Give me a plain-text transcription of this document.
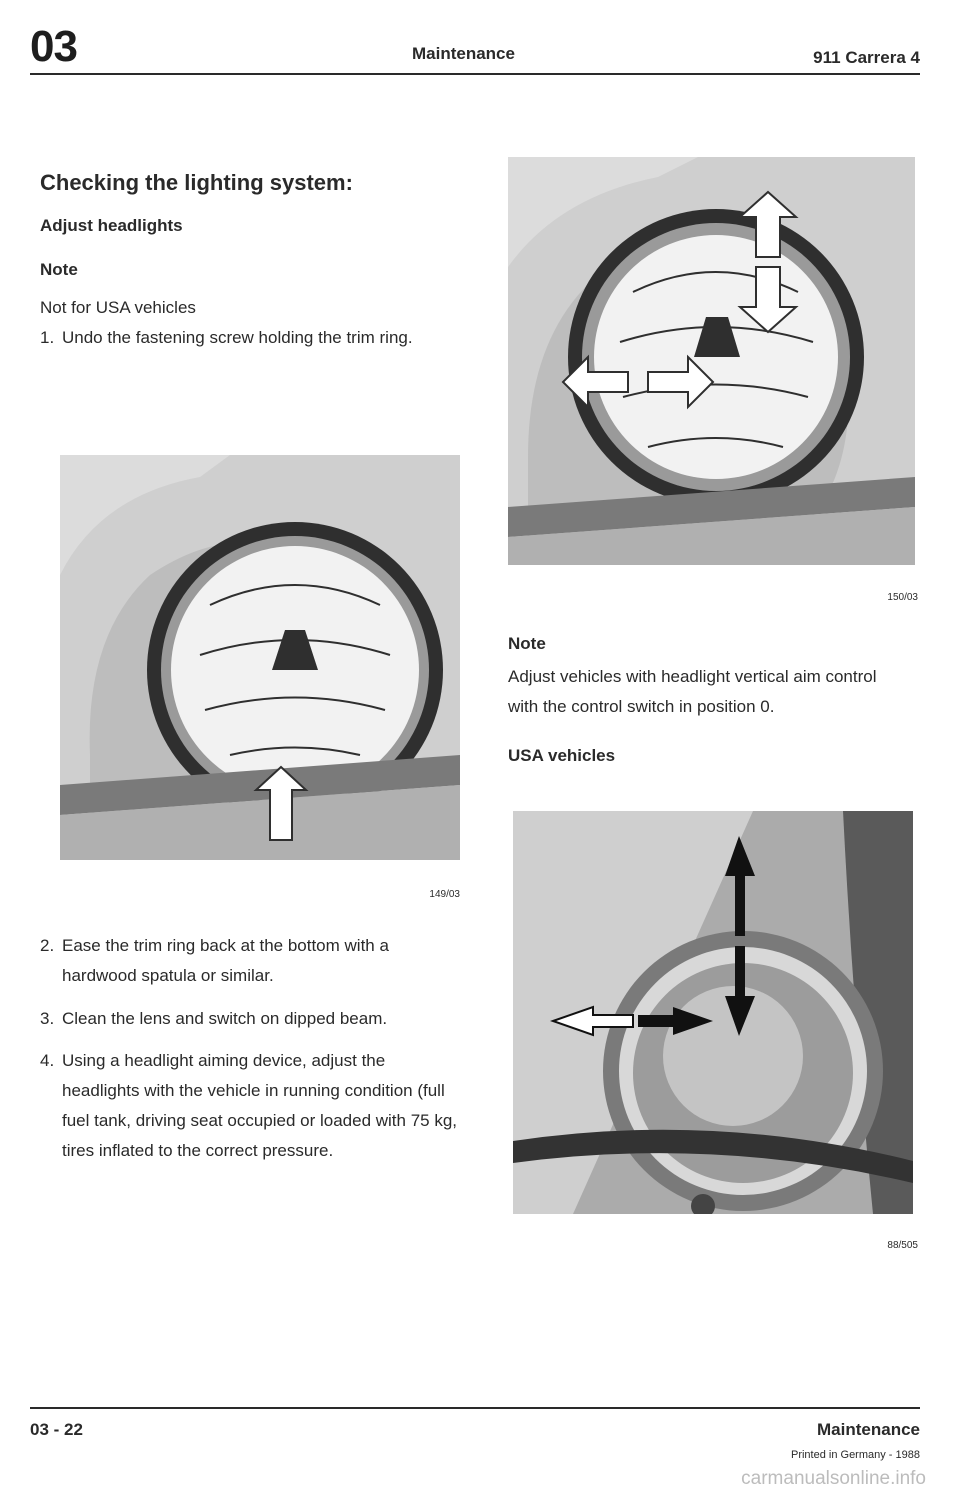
03	Maintenance	911 Carrera 4
Checking the lighting system:
Adjust headlights
Note
Not for USA vehicles
1. Undo the fastening screw holding the trim ring.
149/03
2. Ease the trim ring back at the bottom with a hardwood spatula or similar.
3. Clean the lens and switch on dipped beam.
4. Using a headlight aiming device, adjust the headlights with the vehicle in running condition (full fuel tank, driving seat occupied or loaded with 75 kg, tires inflated to the correct pressure.
150/03
Note
Adjust vehicles with headlight vertical aim control with the control switch in position 0.
USA vehicles
88/505
03 - 22	Maintenance
Printed in Germany - 1988
carmanualsonline.info
